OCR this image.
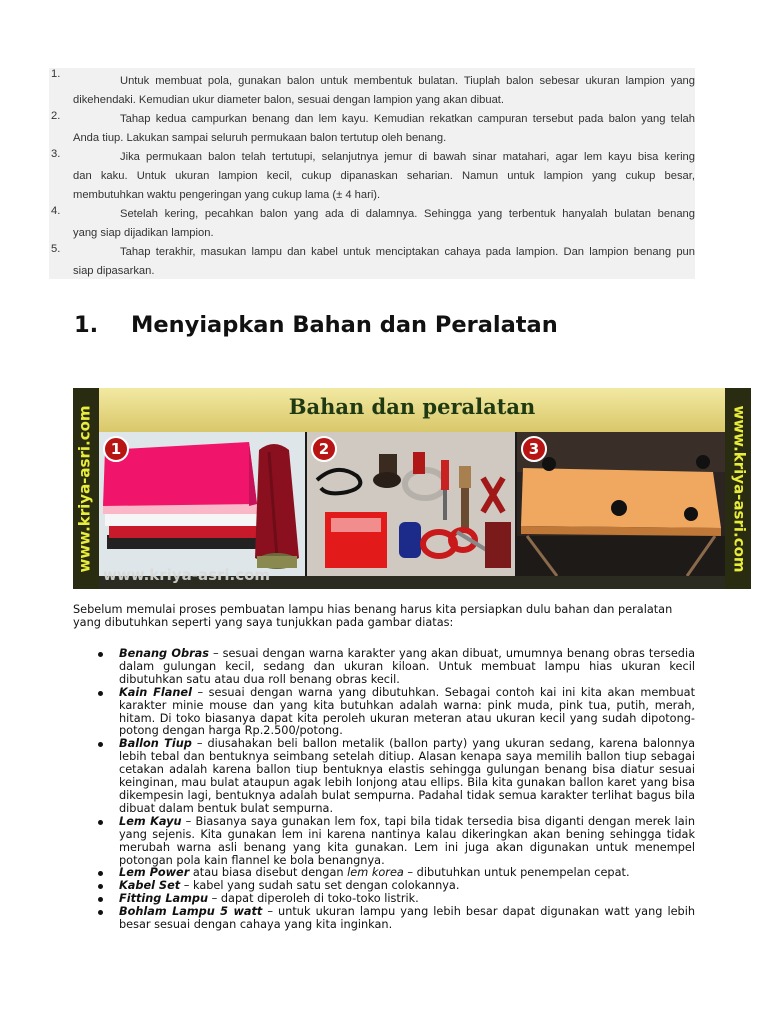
1.
Untuk membuat pola, gunakan balon untuk membentuk bulatan. Tiuplah balon sebesar ukuran lampion yang
dikehendaki. Kemudian ukur diameter balon, sesuai dengan lampion yang akan dibuat.
2.	Tahap kedua campurkan benang dan lem kayu. Kemudian rekatkan campuran tersebut pada balon yang telah
Anda tiup. Lakukan sampai seluruh permukaan balon tertutup oleh benang.
3.	Jika permukaan balon telah tertutupi, selanjutnya jemur di bawah sinar matahari, agar lem kayu bisa kering
dan kaku. Untuk ukuran lampion kecil, cukup dipanaskan seharian. Namun untuk lampion yang cukup besar,
membutuhkan waktu pengeringan yang cukup lama (± 4 hari).
4.	Setelah kering, pecahkan balon yang ada di dalamnya. Sehingga yang terbentuk hanyalah bulatan benang
yang siap dijadikan lampion.
5.	Tahap terakhir, masukan lampu dan kabel untuk menciptakan cahaya pada lampion. Dan lampion benang pun
siap dipasarkan.
1. Menyiapkan Bahan dan Peralatan
www.kriya-asri.com	www.kriya-asri.com
Bahan dan peralatan
1	2	3
www.kriya-asri.com

Sebelum memulai proses pembuatan lampu hias benang harus kita persiapkan dulu bahan dan peralatan yang dibutuhkan seperti yang saya tunjukkan pada gambar diatas:

Benang Obras – sesuai dengan warna karakter yang akan dibuat, umumnya benang obras tersedia dalam gulungan kecil, sedang dan ukuran kiloan. Untuk membuat lampu hias ukuran kecil dibutuhkan satu atau dua roll benang obras kecil.
Kain Flanel – sesuai dengan warna yang dibutuhkan. Sebagai contoh kai ini kita akan membuat karakter minie mouse dan yang kita butuhkan adalah warna: pink muda, pink tua, putih, merah, hitam. Di toko biasanya dapat kita peroleh ukuran meteran atau ukuran kecil yang sudah dipotong-potong dengan harga Rp.2.500/potong.
Ballon Tiup – diusahakan beli ballon metalik (ballon party) yang ukuran sedang, karena balonnya lebih tebal dan bentuknya seimbang setelah ditiup. Alasan kenapa saya memilih ballon tiup sebagai cetakan adalah karena ballon tiup bentuknya elastis sehingga gulungan benang bisa diatur sesuai keinginan, mau bulat ataupun agak lebih lonjong atau ellips. Bila kita gunakan ballon karet yang bisa dikempesin lagi, bentuknya adalah bulat sempurna. Padahal tidak semua karakter terlihat bagus bila dibuat dalam bentuk bulat sempurna.
Lem Kayu – Biasanya saya gunakan lem fox, tapi bila tidak tersedia bisa diganti dengan merek lain yang sejenis. Kita gunakan lem ini karena nantinya kalau dikeringkan akan bening sehingga tidak merubah warna asli benang yang kita gunakan. Lem ini juga akan digunakan untuk menempel potongan pola kain flannel ke bola benangnya.
Lem Power atau biasa disebut dengan lem korea – dibutuhkan untuk penempelan cepat.
Kabel Set – kabel yang sudah satu set dengan colokannya.
Fitting Lampu – dapat diperoleh di toko-toko listrik.
Bohlam Lampu 5 watt – untuk ukuran lampu yang lebih besar dapat digunakan watt yang lebih besar sesuai dengan cahaya yang kita inginkan.
